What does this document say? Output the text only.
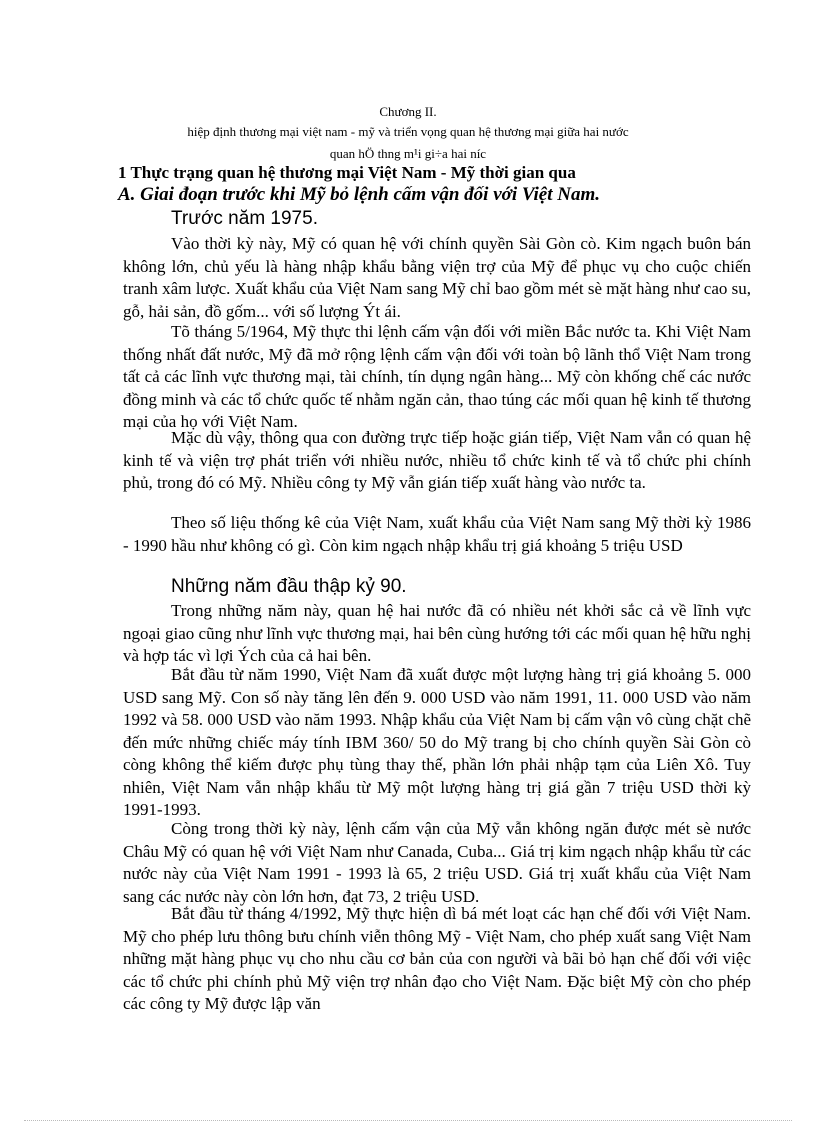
Chương II.
hiệp định thương mại việt nam - mỹ và triển vọng quan hệ thương mại giữa hai nước
quan hÖ thng m¹i gi÷a hai níc
1 Thực trạng quan hệ thương mại Việt Nam - Mỹ thời gian qua
A. Giai đoạn trước khi Mỹ bỏ lệnh cấm vận đối với Việt Nam.
Trước năm 1975.

Vào thời kỳ này, Mỹ có quan hệ với chính quyền Sài Gòn cò. Kim ngạch buôn bán không lớn, chủ yếu là hàng nhập khẩu bằng viện trợ của Mỹ để phục vụ cho cuộc chiến tranh xâm lược. Xuất khẩu của Việt Nam sang Mỹ chỉ bao gồm mét sè mặt hàng như cao su, gỗ, hải sản, đồ gốm... với số lượng Ýt ái.

Tõ tháng 5/1964, Mỹ thực thi lệnh cấm vận đối với miền Bắc nước ta. Khi Việt Nam thống nhất đất nước, Mỹ đã mở rộng lệnh cấm vận đối với toàn bộ lãnh thổ Việt Nam trong tất cả các lĩnh vực thương mại, tài chính, tín dụng ngân hàng... Mỹ còn khống chế các nước đồng minh và các tổ chức quốc tế nhằm ngăn cản, thao túng các mối quan hệ kinh tế thương mại của họ với Việt Nam.

Mặc dù vậy, thông qua con đường trực tiếp hoặc gián tiếp, Việt Nam vẫn có quan hệ kinh tế và viện trợ phát triển với nhiều nước, nhiều tổ chức kinh tế và tổ chức phi chính phủ, trong đó có Mỹ. Nhiều công ty Mỹ vẫn gián tiếp xuất hàng vào nước ta.

Theo số liệu thống kê của Việt Nam, xuất khẩu của Việt Nam sang Mỹ thời kỳ 1986 - 1990 hầu như không có gì. Còn kim ngạch nhập khẩu trị giá khoảng 5 triệu USD

Những năm đầu thập kỷ 90.

Trong những năm này, quan hệ hai nước đã có nhiều nét khởi sắc cả về lĩnh vực ngoại giao cũng như lĩnh vực thương mại, hai bên cùng hướng tới các mối quan hệ hữu nghị và hợp tác vì lợi Ých của cả hai bên.

Bắt đầu từ năm 1990, Việt Nam đã xuất được một lượng hàng trị giá khoảng 5. 000 USD sang Mỹ. Con số này tăng lên đến 9. 000 USD vào năm 1991, 11. 000 USD vào năm 1992 và 58. 000 USD vào năm 1993. Nhập khẩu của Việt Nam bị cấm vận vô cùng chặt chẽ đến mức những chiếc máy tính IBM 360/ 50 do Mỹ trang bị cho chính quyền Sài Gòn cò còng không thể kiếm được phụ tùng thay thế, phần lớn phải nhập tạm của Liên Xô. Tuy nhiên, Việt Nam vẫn nhập khẩu từ Mỹ một lượng hàng trị giá gần 7 triệu USD thời kỳ 1991-1993.

Còng trong thời kỳ này, lệnh cấm vận của Mỹ vẫn không ngăn được mét sè nước Châu Mỹ có quan hệ với Việt Nam như Canada, Cuba... Giá trị kim ngạch nhập khẩu từ các nước này của Việt Nam 1991 - 1993 là 65, 2 triệu USD. Giá trị xuất khẩu của Việt Nam sang các nước này còn lớn hơn, đạt 73, 2 triệu USD.

Bắt đầu từ tháng 4/1992, Mỹ thực hiện dì bá mét loạt các hạn chế đối với Việt Nam. Mỹ cho phép lưu thông bưu chính viễn thông Mỹ - Việt Nam, cho phép xuất sang Việt Nam những mặt hàng phục vụ cho nhu cầu cơ bản của con người và bãi bỏ hạn chế đối với việc các tổ chức phi chính phủ Mỹ viện trợ nhân đạo cho Việt Nam. Đặc biệt Mỹ còn cho phép các công ty Mỹ được lập văn
